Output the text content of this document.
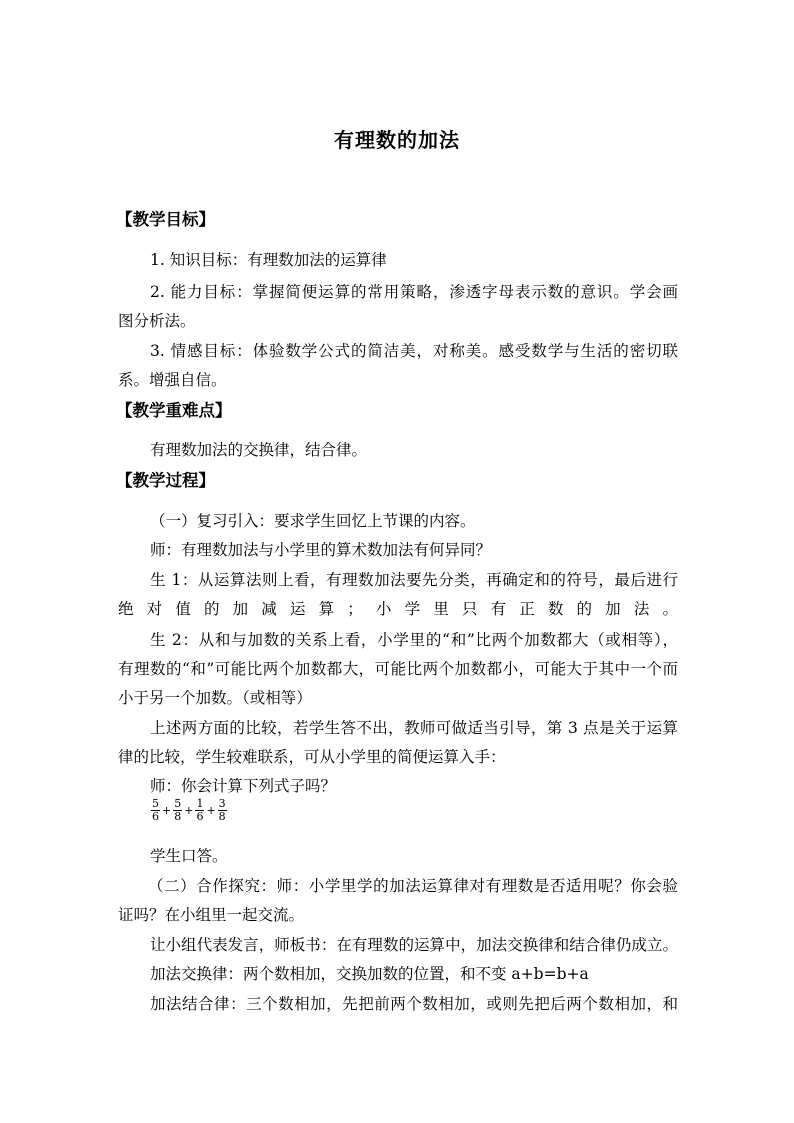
有理数的加法
【教学目标】
1. 知识目标：有理数加法的运算律
2. 能力目标：掌握简便运算的常用策略，渗透字母表示数的意识。学会画
图分析法。
3. 情感目标：体验数学公式的简洁美，对称美。感受数学与生活的密切联
系。增强自信。
【教学重难点】
有理数加法的交换律，结合律。
【教学过程】
（一）复习引入：要求学生回忆上节课的内容。
师：有理数加法与小学里的算术数加法有何异同？
生 1：从运算法则上看，有理数加法要先分类，再确定和的符号，最后进行
绝对值的加减运算；小学里只有正数的加法。
生 2：从和与加数的关系上看，小学里的“和”比两个加数都大（或相等），
有理数的“和”可能比两个加数都大，可能比两个加数都小，可能大于其中一个而
小于另一个加数。（或相等）
上述两方面的比较，若学生答不出，教师可做适当引导，第 3 点是关于运算
律的比较，学生较难联系，可从小学里的简便运算入手：
师：你会计算下列式子吗？
5
$6 + \frac{5}{8} + \frac{1}{6} + \frac{3}{8}$
学生口答。
（二）合作探究：师：小学里学的加法运算律对有理数是否适用呢？你会验
证吗？在小组里一起交流。
让小组代表发言，师板书：在有理数的运算中，加法交换律和结合律仍成立。
加法交换律：两个数相加，交换加数的位置，和不变 a+b=b+a
加法结合律：三个数相加，先把前两个数相加，或则先把后两个数相加，和
